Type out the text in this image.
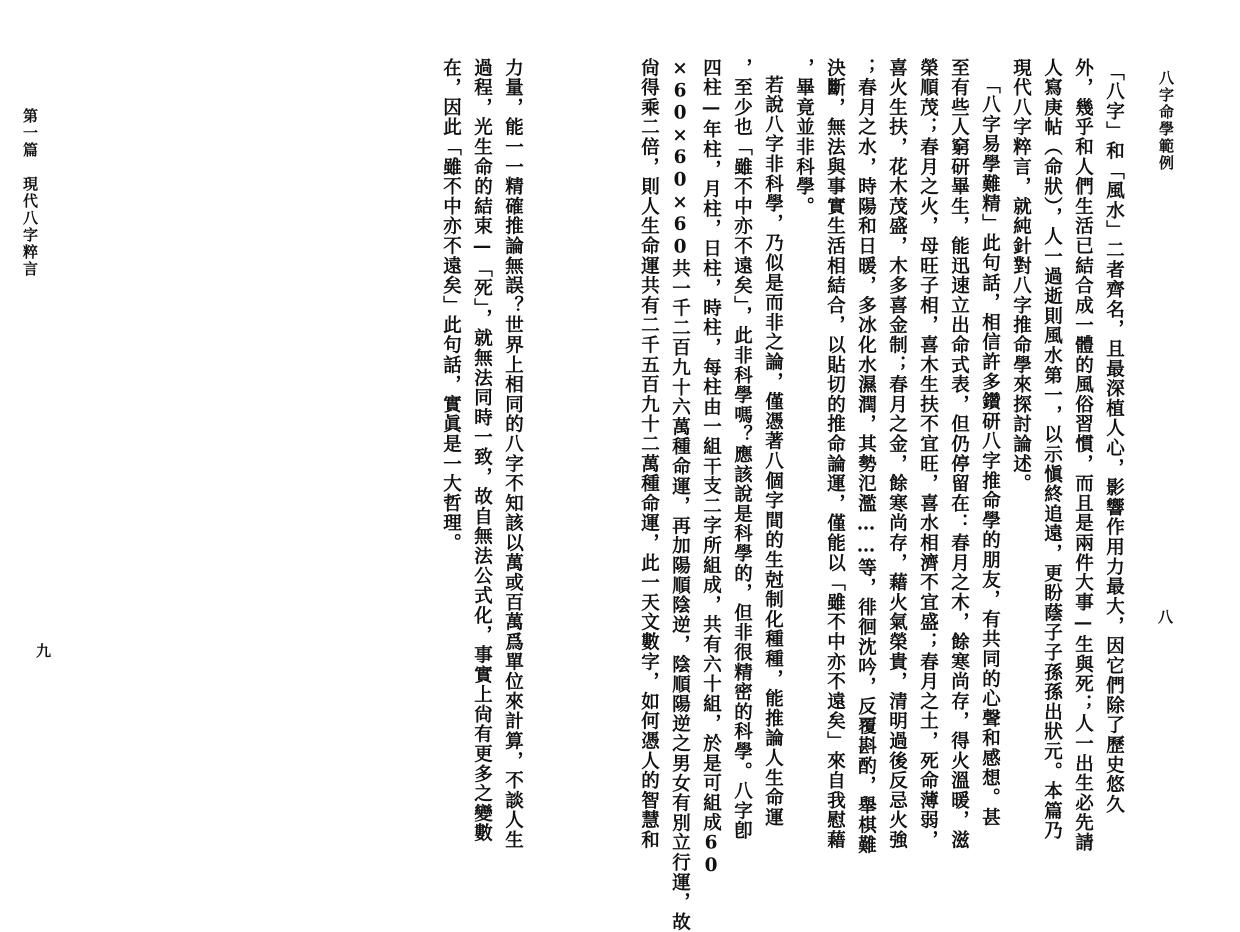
八字命學範例
八
「八字」和「風水」二者齊名，且最深植人心，影響作用力最大，因它們除了歷史悠久
外，幾乎和人們生活已結合成一體的風俗習慣，而且是兩件大事—生與死；人一出生必先請
人寫庚帖（命狀），人一過逝則風水第一，以示愼終追遠，更盼蔭子子孫孫出狀元。本篇乃
現代八字粹言，就純針對八字推命學來探討論述。
「八字易學難精」此句話，相信許多鑽研八字推命學的朋友，有共同的心聲和感想。甚
至有些人窮研畢生，能迅速立出命式表，但仍停留在：春月之木，餘寒尚存，得火溫暖，滋
榮順茂；春月之火，母旺子相，喜木生扶不宜旺，喜水相濟不宜盛；春月之土，死命薄弱，
喜火生扶，花木茂盛，木多喜金制；春月之金，餘寒尚存，藉火氣榮貴，清明過後反忌火強
；春月之水，時陽和日暖，多冰化水濕潤，其勢氾濫……等，徘徊沈吟，反覆斟酌，舉棋難
決斷，無法與事實生活相結合，以貼切的推命論運，僅能以「雖不中亦不遠矣」來自我慰藉
，畢竟並非科學。
若說八字非科學，乃似是而非之論，僅憑著八個字間的生尅制化種種，能推論人生命運
，至少也「雖不中亦不遠矣」，此非科學嗎？應該說是科學的，但非很精密的科學。八字卽
四柱—年柱，月柱，日柱，時柱，每柱由一組干支二字所組成，共有六十組，於是可組成60
×60×60×60共一千二百九十六萬種命運，再加陽順陰逆，陰順陽逆之男女有別立行運，故
尙得乘二倍，則人生命運共有二千五百九十二萬種命運，此一天文數字，如何憑人的智慧和
力量，能一一精確推論無誤？世界上相同的八字不知該以萬或百萬爲單位來計算，不談人生
過程，光生命的結束—「死」，就無法同時一致，故自無法公式化，事實上尙有更多之變數
在，因此「雖不中亦不遠矣」此句話，實眞是一大哲理。
第一篇　現代八字粹言
九
